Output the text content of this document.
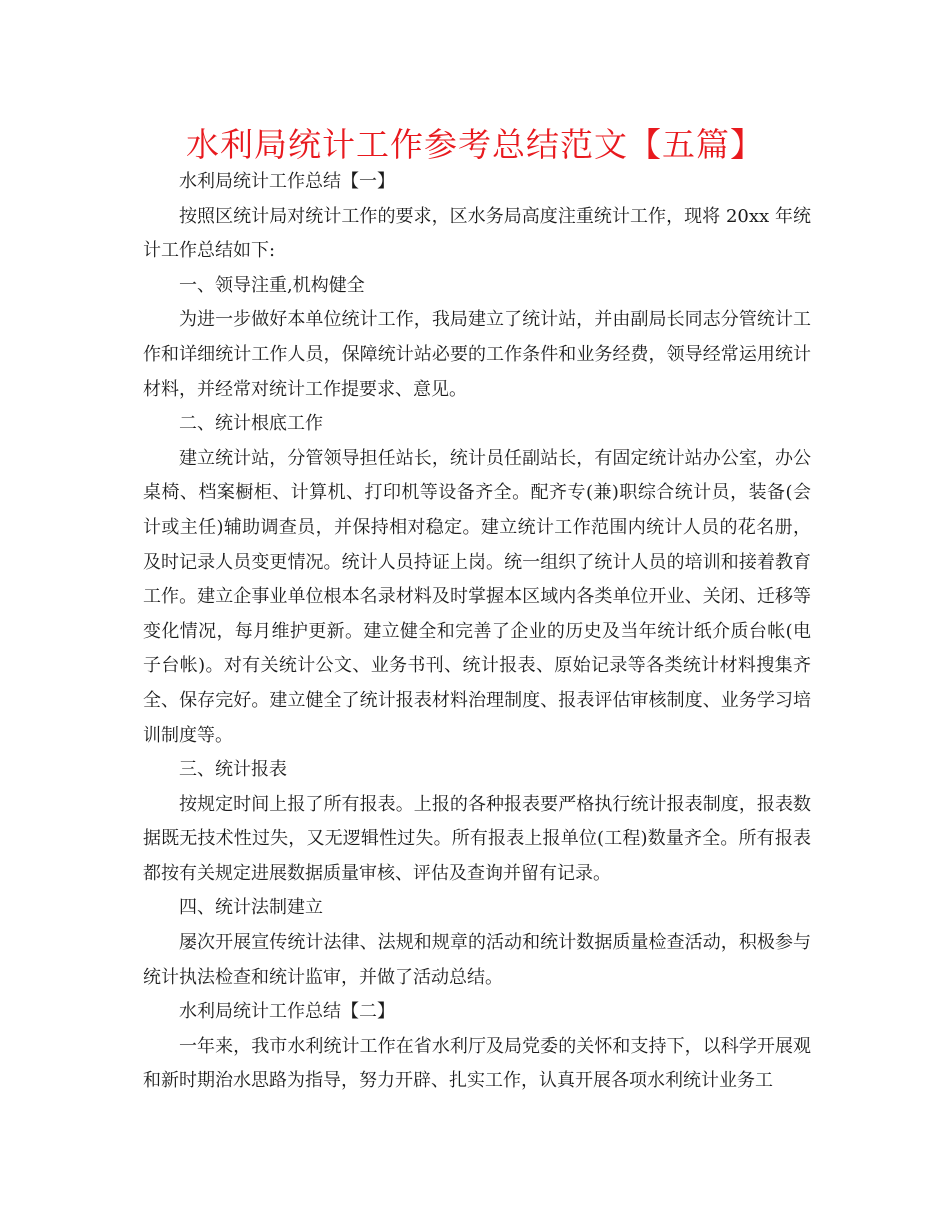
水利局统计工作参考总结范文【五篇】

水利局统计工作总结【一】

按照区统计局对统计工作的要求，区水务局高度注重统计工作，现将 20xx 年统计工作总结如下:

一、领导注重,机构健全

为进一步做好本单位统计工作，我局建立了统计站，并由副局长同志分管统计工作和详细统计工作人员，保障统计站必要的工作条件和业务经费，领导经常运用统计材料，并经常对统计工作提要求、意见。

二、统计根底工作

建立统计站，分管领导担任站长，统计员任副站长，有固定统计站办公室，办公桌椅、档案橱柜、计算机、打印机等设备齐全。配齐专(兼)职综合统计员，装备(会计或主任)辅助调查员，并保持相对稳定。建立统计工作范围内统计人员的花名册，及时记录人员变更情况。统计人员持证上岗。统一组织了统计人员的培训和接着教育工作。建立企事业单位根本名录材料及时掌握本区域内各类单位开业、关闭、迁移等变化情况，每月维护更新。建立健全和完善了企业的历史及当年统计纸介质台帐(电子台帐)。对有关统计公文、业务书刊、统计报表、原始记录等各类统计材料搜集齐全、保存完好。建立健全了统计报表材料治理制度、报表评估审核制度、业务学习培训制度等。

三、统计报表

按规定时间上报了所有报表。上报的各种报表要严格执行统计报表制度，报表数据既无技术性过失，又无逻辑性过失。所有报表上报单位(工程)数量齐全。所有报表都按有关规定进展数据质量审核、评估及查询并留有记录。

四、统计法制建立

屡次开展宣传统计法律、法规和规章的活动和统计数据质量检查活动，积极参与统计执法检查和统计监审，并做了活动总结。

水利局统计工作总结【二】

一年来，我市水利统计工作在省水利厅及局党委的关怀和支持下，以科学开展观和新时期治水思路为指导，努力开辟、扎实工作，认真开展各项水利统计业务工
